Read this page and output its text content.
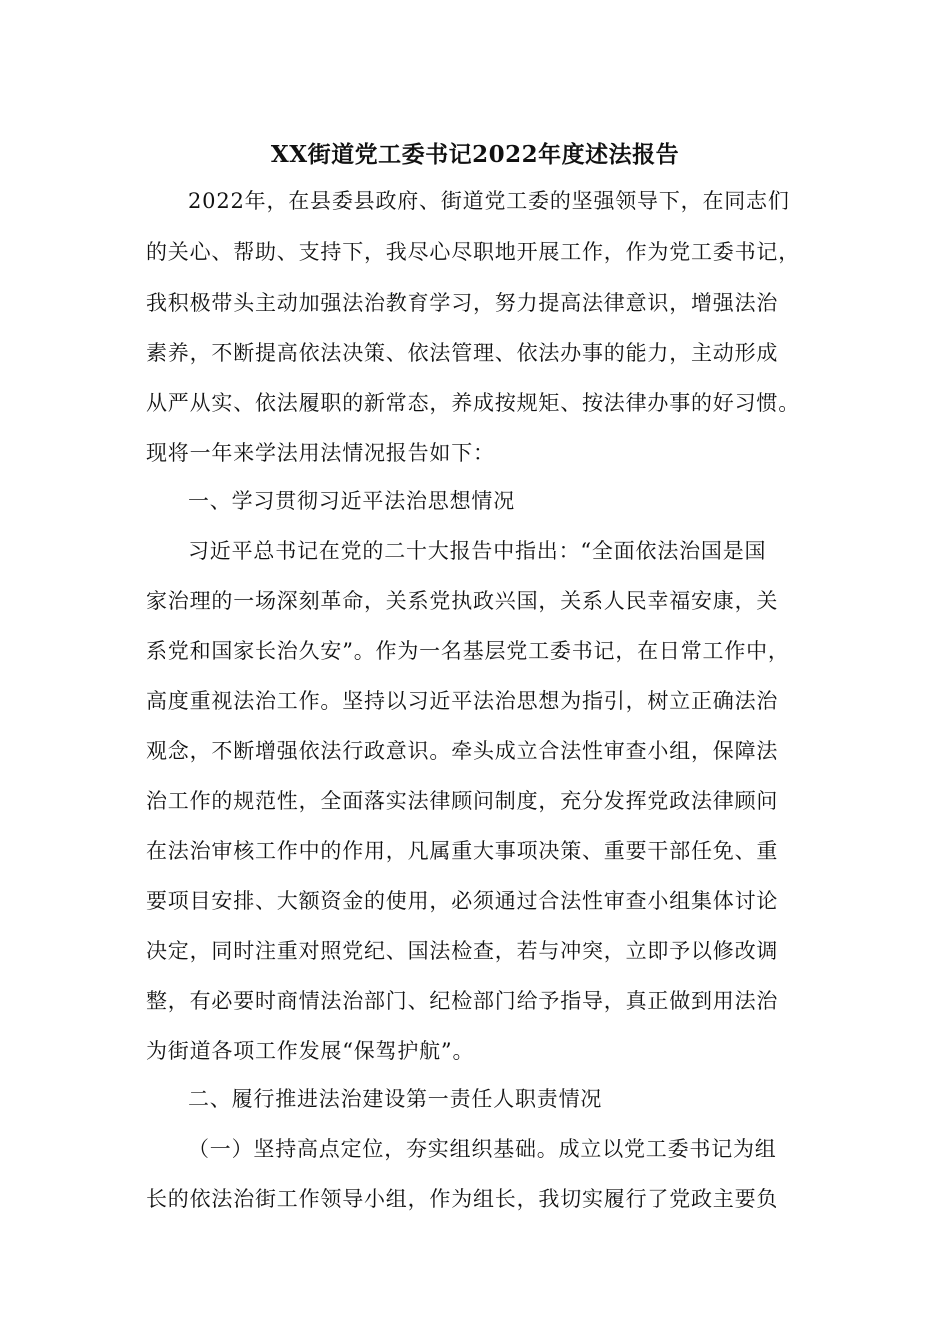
XX街道党工委书记2022年度述法报告
2022年，在县委县政府、街道党工委的坚强领导下，在同志们
的关心、帮助、支持下，我尽心尽职地开展工作，作为党工委书记，
我积极带头主动加强法治教育学习，努力提高法律意识，增强法治
素养，不断提高依法决策、依法管理、依法办事的能力，主动形成
从严从实、依法履职的新常态，养成按规矩、按法律办事的好习惯。
现将一年来学法用法情况报告如下：
一、学习贯彻习近平法治思想情况
习近平总书记在党的二十大报告中指出：“全面依法治国是国
家治理的一场深刻革命，关系党执政兴国，关系人民幸福安康，关
系党和国家长治久安”。作为一名基层党工委书记，在日常工作中，
高度重视法治工作。坚持以习近平法治思想为指引，树立正确法治
观念，不断增强依法行政意识。牵头成立合法性审查小组，保障法
治工作的规范性，全面落实法律顾问制度，充分发挥党政法律顾问
在法治审核工作中的作用，凡属重大事项决策、重要干部任免、重
要项目安排、大额资金的使用，必须通过合法性审查小组集体讨论
决定，同时注重对照党纪、国法检查，若与冲突，立即予以修改调
整，有必要时商情法治部门、纪检部门给予指导，真正做到用法治
为街道各项工作发展“保驾护航”。
二、履行推进法治建设第一责任人职责情况
（一）坚持高点定位，夯实组织基础。成立以党工委书记为组
长的依法治街工作领导小组，作为组长，我切实履行了党政主要负
